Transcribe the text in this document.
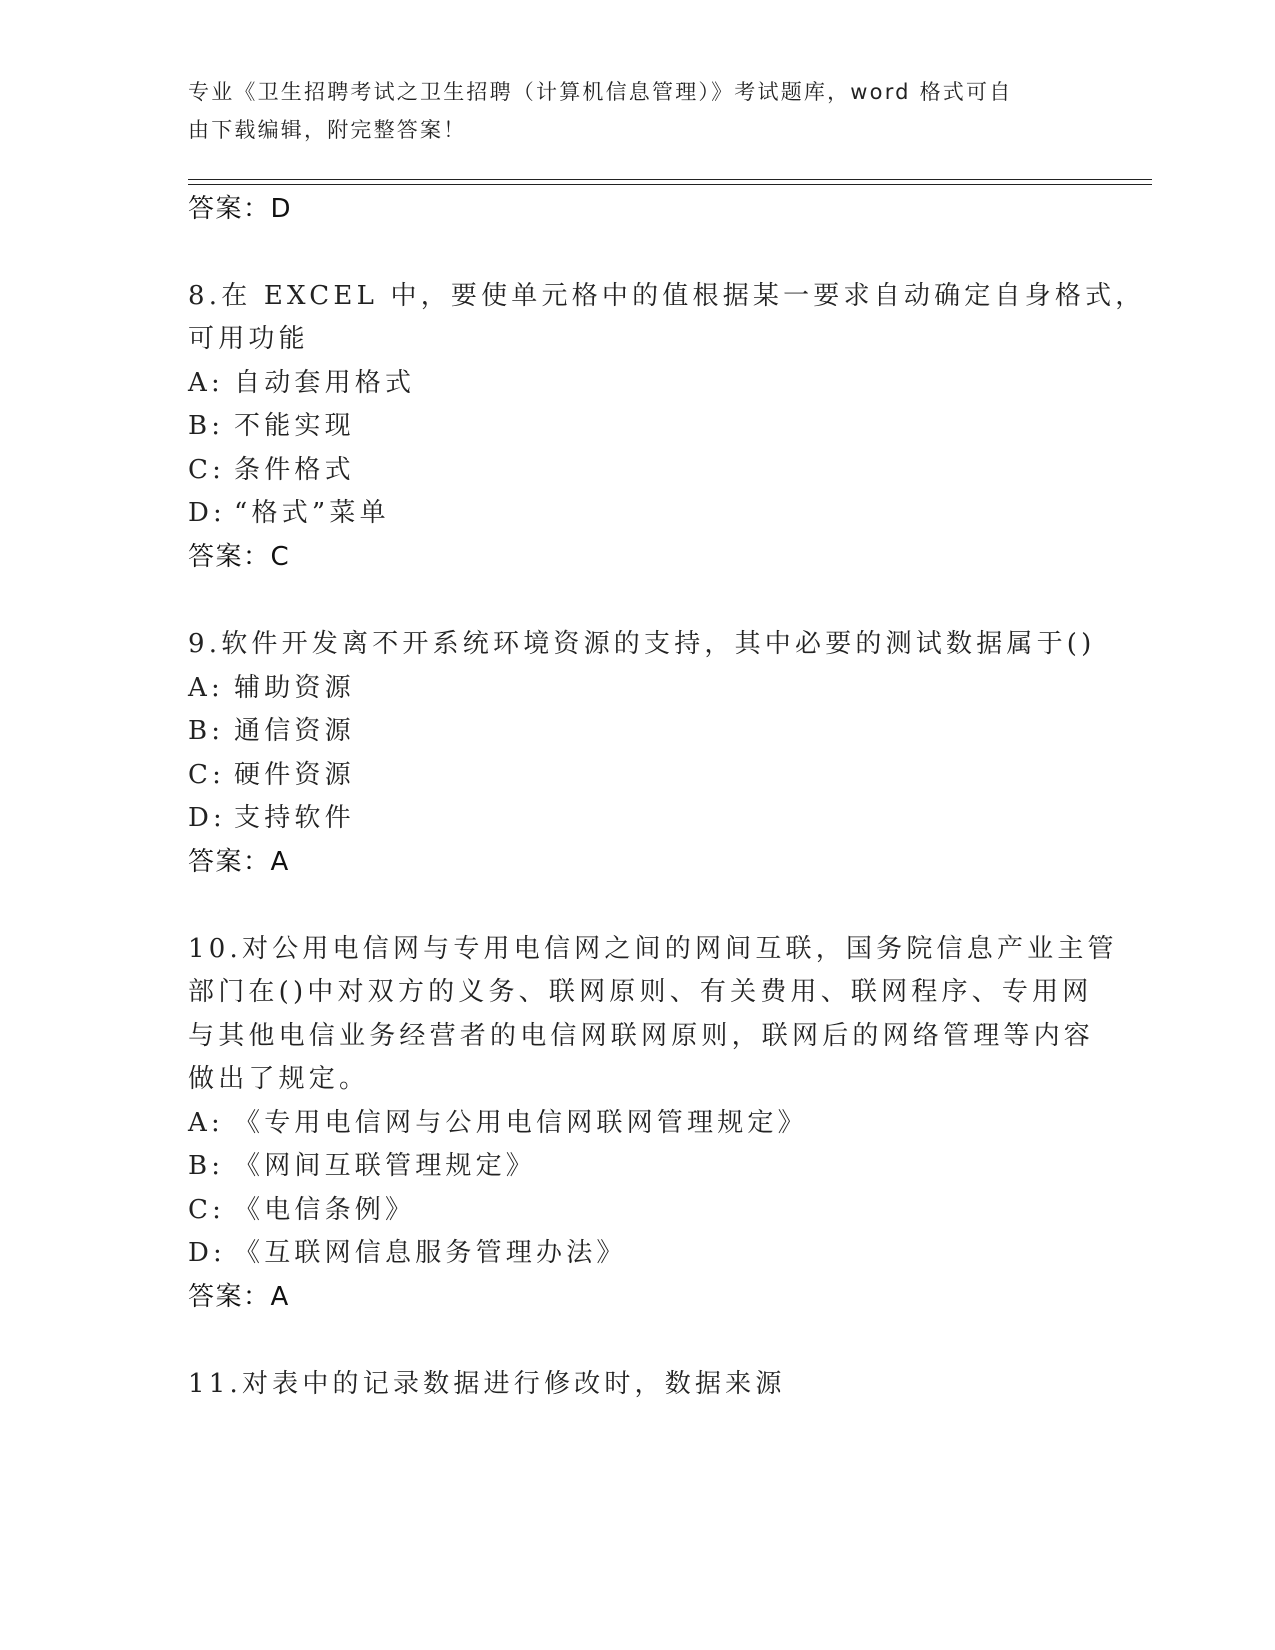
专业《卫生招聘考试之卫生招聘（计算机信息管理）》考试题库，word 格式可自
由下载编辑，附完整答案！
答案：D
8.在 EXCEL 中，要使单元格中的值根据某一要求自动确定自身格式，
可用功能
A: 自动套用格式
B: 不能实现
C: 条件格式
D: “格式”菜单
答案：C
9.软件开发离不开系统环境资源的支持，其中必要的测试数据属于()
A: 辅助资源
B: 通信资源
C: 硬件资源
D: 支持软件
答案：A
10.对公用电信网与专用电信网之间的网间互联，国务院信息产业主管
部门在()中对双方的义务、联网原则、有关费用、联网程序、专用网
与其他电信业务经营者的电信网联网原则，联网后的网络管理等内容
做出了规定。
A: 《专用电信网与公用电信网联网管理规定》
B: 《网间互联管理规定》
C: 《电信条例》
D: 《互联网信息服务管理办法》
答案：A
11.对表中的记录数据进行修改时，数据来源
